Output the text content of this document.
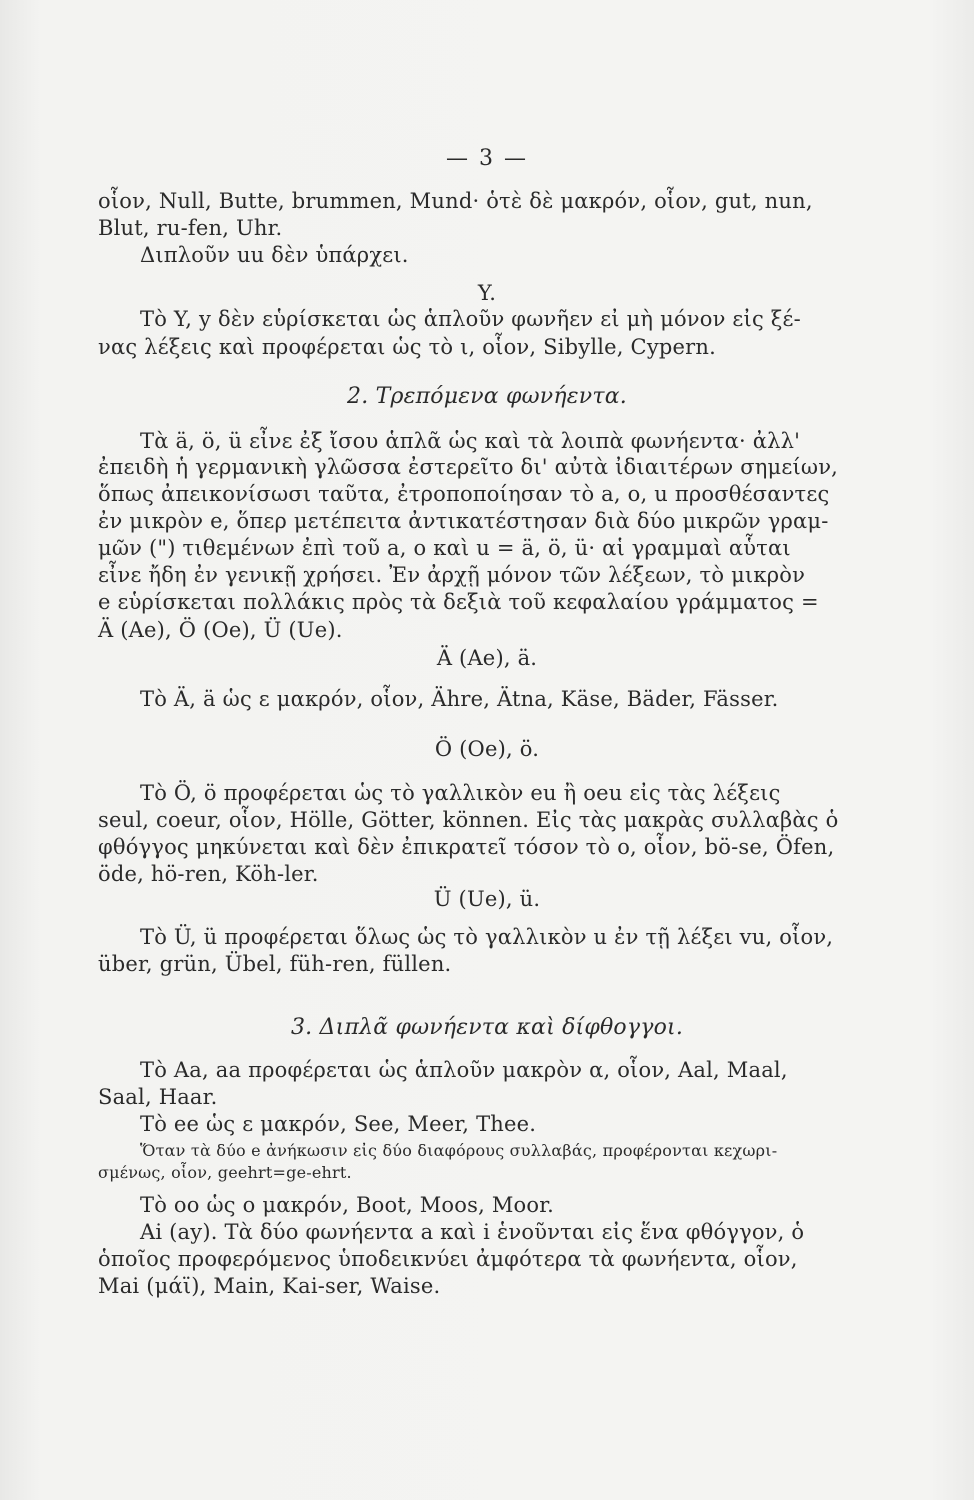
— 3 —
οἷον, Null, Butte, brummen, Mund· ὁτὲ δὲ μακρόν, οἷον, gut, nun,
Blut, ru-fen, Uhr.
Διπλοῦν uu δὲν ὑπάρχει.
Y.
Τὸ Y, y δὲν εὑρίσκεται ὡς ἁπλοῦν φωνῆεν εἰ μὴ μόνον εἰς ξέ-
νας λέξεις καὶ προφέρεται ὡς τὸ ι, οἷον, Sibylle, Cypern.
2. Τρεπόμενα φωνήεντα.
Τὰ ä, ö, ü εἶνε ἐξ ἴσου ἁπλᾶ ὡς καὶ τὰ λοιπὰ φωνήεντα· ἀλλ'
ἐπειδὴ ἡ γερμανικὴ γλῶσσα ἐστερεῖτο δι' αὐτὰ ἰδιαιτέρων σημείων,
ὅπως ἀπεικονίσωσι ταῦτα, ἐτροποποίησαν τὸ a, o, u προσθέσαντες
ἐν μικρὸν e, ὅπερ μετέπειτα ἀντικατέστησαν διὰ δύο μικρῶν γραμ-
μῶν (") τιθεμένων ἐπὶ τοῦ a, o καὶ u = ä, ö, ü· αἱ γραμμαὶ αὗται
εἶνε ἤδη ἐν γενικῇ χρήσει. Ἐν ἀρχῇ μόνον τῶν λέξεων, τὸ μικρὸν
e εὑρίσκεται πολλάκις πρὸς τὰ δεξιὰ τοῦ κεφαλαίου γράμματος =
Ä (Ae), Ö (Oe), Ü (Ue).
Ä (Ae), ä.
Τὸ Ä, ä ὡς ε μακρόν, οἷον, Ähre, Ätna, Käse, Bäder, Fässer.
Ö (Oe), ö.
Τὸ Ö, ö προφέρεται ὡς τὸ γαλλικὸν eu ἢ oeu εἰς τὰς λέξεις
seul, coeur, οἷον, Hölle, Götter, können. Εἰς τὰς μακρὰς συλλαβὰς ὁ
φθόγγος μηκύνεται καὶ δὲν ἐπικρατεῖ τόσον τὸ o, οἷον, bö-se, Öfen,
öde, hö-ren, Köh-ler.
Ü (Ue), ü.
Τὸ Ü, ü προφέρεται ὅλως ὡς τὸ γαλλικὸν u ἐν τῇ λέξει vu, οἷον,
über, grün, Übel, füh-ren, füllen.
3. Διπλᾶ φωνήεντα καὶ δίφθογγοι.
Τὸ Aa, aa προφέρεται ὡς ἁπλοῦν μακρὸν α, οἷον, Aal, Maal,
Saal, Haar.
Τὸ ee ὡς ε μακρόν, See, Meer, Thee.
Ὅταν τὰ δύο e ἀνήκωσιν εἰς δύο διαφόρους συλλαβάς, προφέρονται κεχωρι-
σμένως, οἷον, geehrt=ge-ehrt.
Τὸ oo ὡς ο μακρόν, Boot, Moos, Moor.
Ai (ay). Τὰ δύο φωνήεντα a καὶ i ἑνοῦνται εἰς ἕνα φθόγγον, ὁ
ὁποῖος προφερόμενος ὑποδεικνύει ἀμφότερα τὰ φωνήεντα, οἷον,
Mai (μάϊ), Main, Kai-ser, Waise.
